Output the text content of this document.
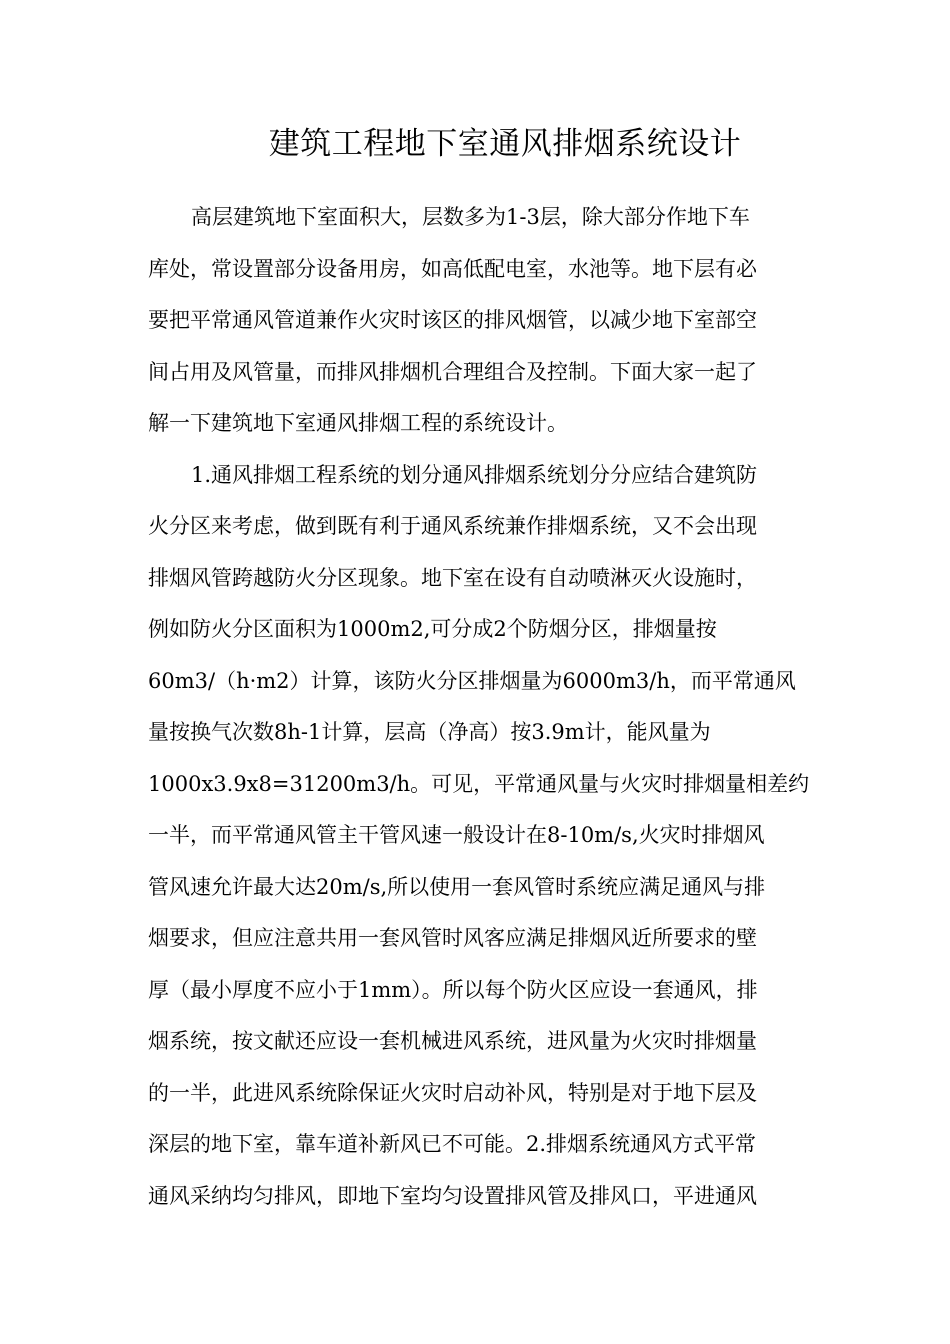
建筑工程地下室通风排烟系统设计
高层建筑地下室面积大，层数多为1-3层，除大部分作地下车
库处，常设置部分设备用房，如高低配电室，水池等。地下层有必
要把平常通风管道兼作火灾时该区的排风烟管，以减少地下室部空
间占用及风管量，而排风排烟机合理组合及控制。下面大家一起了
解一下建筑地下室通风排烟工程的系统设计。
1.通风排烟工程系统的划分通风排烟系统划分分应结合建筑防
火分区来考虑，做到既有利于通风系统兼作排烟系统，又不会出现
排烟风管跨越防火分区现象。地下室在设有自动喷淋灭火设施时，
例如防火分区面积为1000m2,可分成2个防烟分区，排烟量按
60m3/（h·m2）计算，该防火分区排烟量为6000m3/h，而平常通风
量按换气次数8h-1计算，层高（净高）按3.9m计，能风量为
1000x3.9x8=31200m3/h。可见，平常通风量与火灾时排烟量相差约
一半，而平常通风管主干管风速一般设计在8-10m/s,火灾时排烟风
管风速允许最大达20m/s,所以使用一套风管时系统应满足通风与排
烟要求，但应注意共用一套风管时风客应满足排烟风近所要求的壁
厚（最小厚度不应小于1mm）。所以每个防火区应设一套通风，排
烟系统，按文献还应设一套机械进风系统，进风量为火灾时排烟量
的一半，此进风系统除保证火灾时启动补风，特别是对于地下层及
深层的地下室，靠车道补新风已不可能。2.排烟系统通风方式平常
通风采纳均匀排风，即地下室均匀设置排风管及排风口，平进通风
